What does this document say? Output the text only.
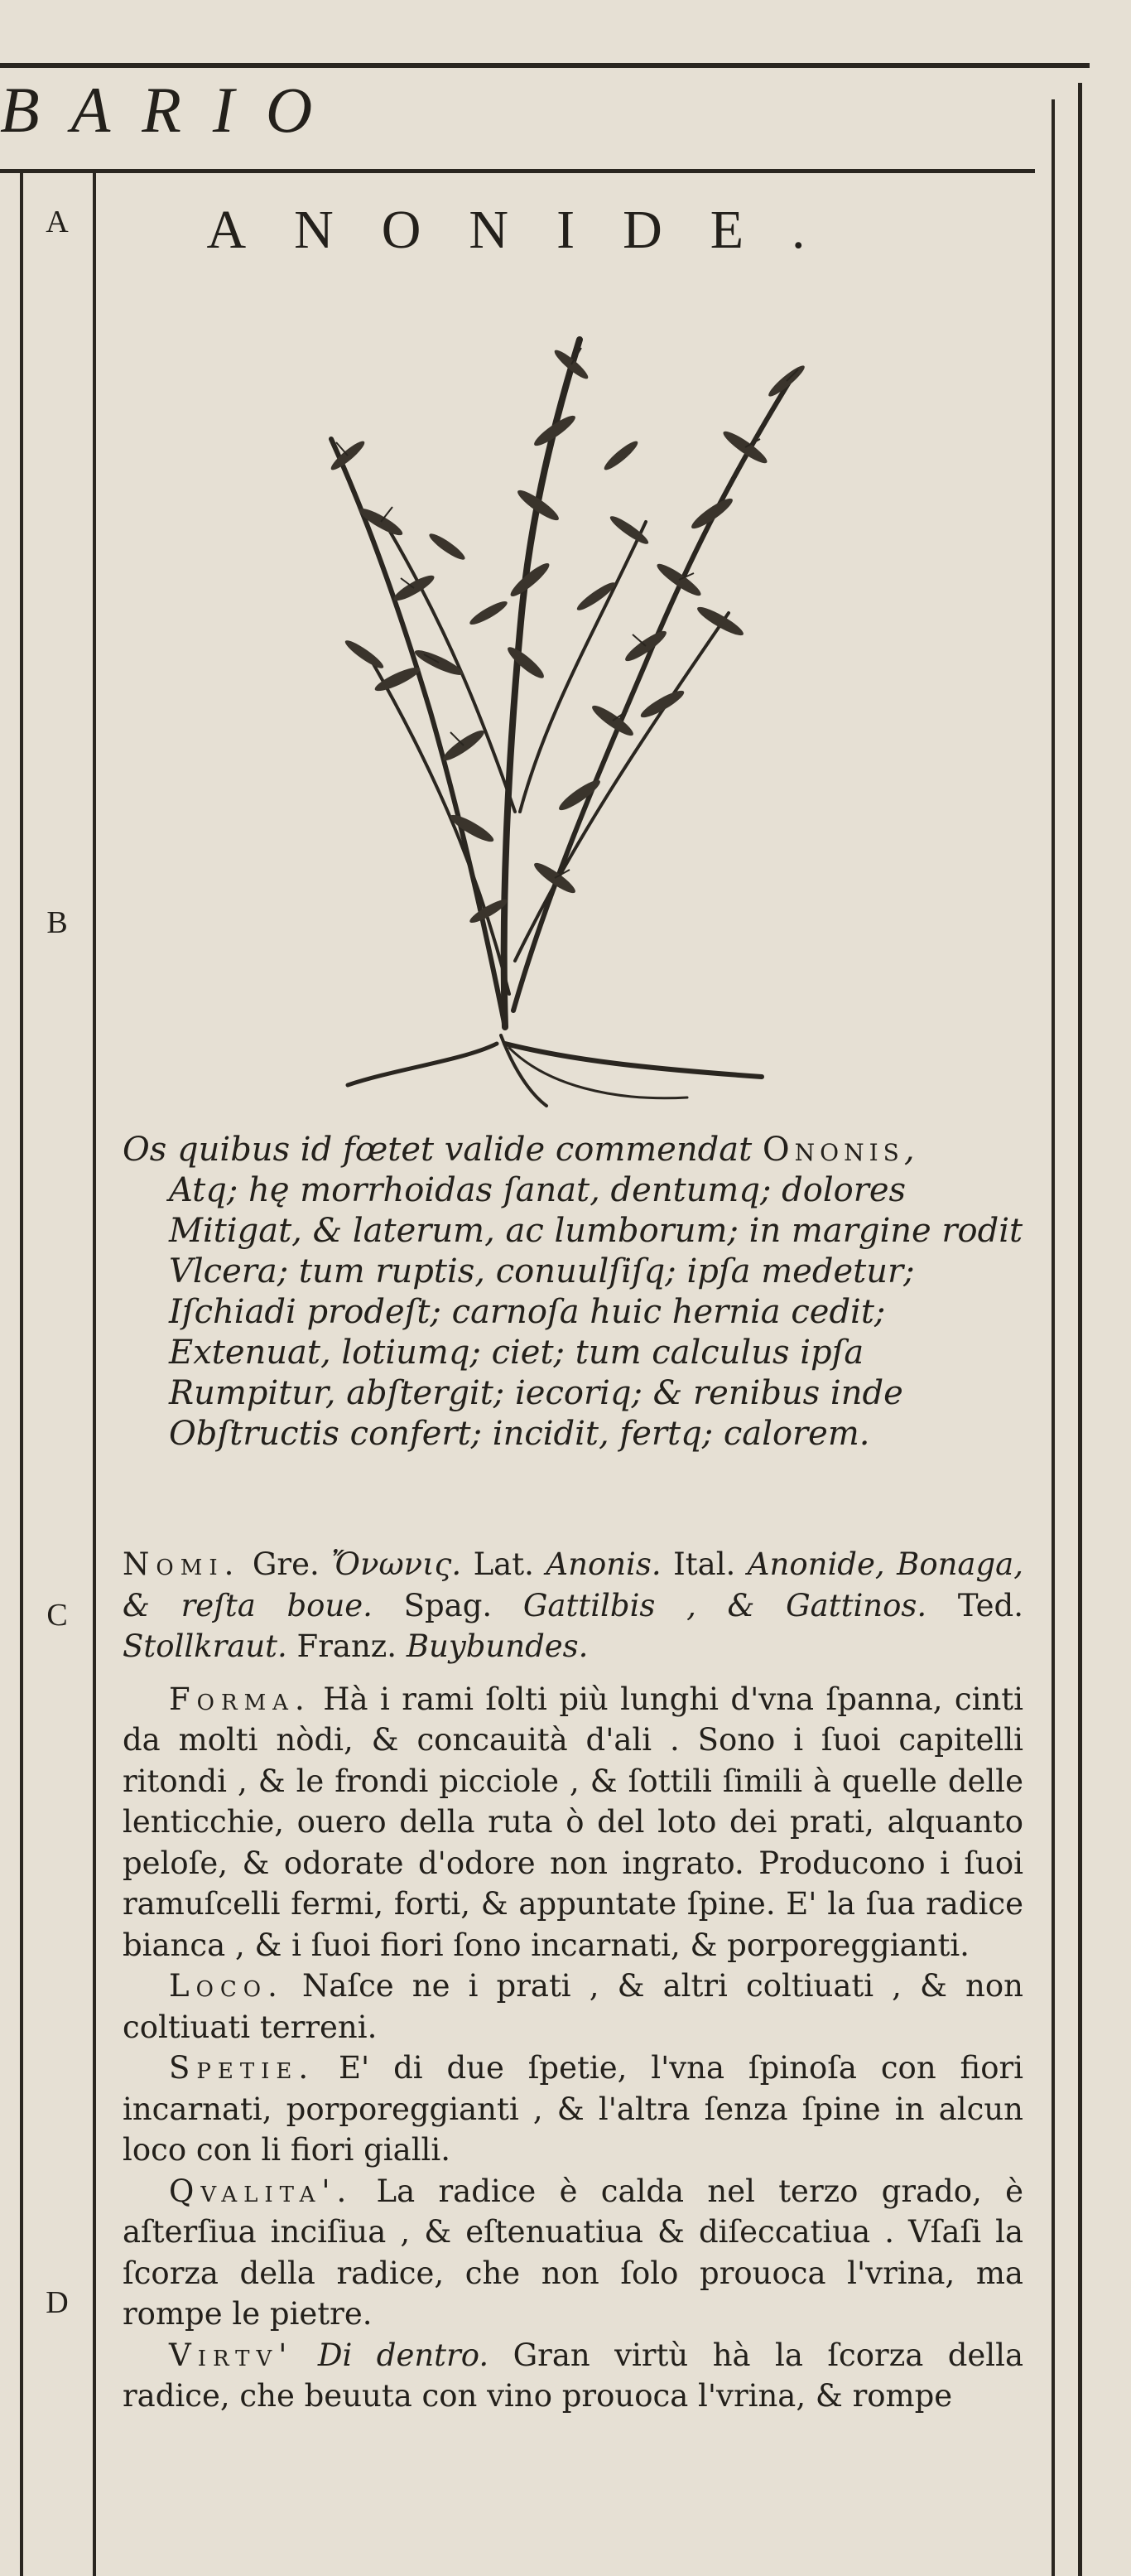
BARIO
ANONIDE.
A
B
C
D
Os quibus id fœtet valide commendat Ononis,
Atq; hę morrhoidas ſanat, dentumq; dolores
Mitigat, & laterum, ac lumborum; in margine rodit
Vlcera; tum ruptis, conuulſiſq; ipſa medetur;
Iſchiadi prodeſt; carnoſa huic hernia cedit;
Extenuat, lotiumq; ciet; tum calculus ipſa
Rumpitur, abſtergit; iecoriq; & renibus inde
Obſtructis confert; incidit, fertq; calorem.

Nomi. Gre. Ὄνωνις. Lat. Anonis. Ital. Anonide, Bonaga, & reſta boue. Spag. Gattilbis , & Gattinos. Ted. Stollkraut. Franz. Buybundes.

Forma. Hà i rami ſolti più lunghi d'vna ſpanna, cinti da molti nòdi, & concauità d'ali . Sono i ſuoi capitelli ritondi , & le frondi picciole , & ſottili ſimili à quelle delle lenticchie, ouero della ruta ò del loto dei prati, alquanto peloſe, & odorate d'odore non ingrato. Producono i ſuoi ramuſcelli fermi, forti, & appuntate ſpine. E' la ſua radice bianca , & i ſuoi fiori ſono incarnati, & porporeggianti.

Loco. Naſce ne i prati , & altri coltiuati , & non coltiuati terreni.

Spetie. E' di due ſpetie, l'vna ſpinoſa con fiori incarnati, porporeggianti , & l'altra ſenza ſpine in alcun loco con li fiori gialli.

Qvalita'. La radice è calda nel terzo grado, è aſterſiua inciſiua , & eſtenuatiua & diſeccatiua . Vſaſi la ſcorza della radice, che non ſolo prouoca l'vrina, ma rompe le pietre.

Virtv' Di dentro. Gran virtù hà la ſcorza della radice, che beuuta con vino prouoca l'vrina, & rompe
